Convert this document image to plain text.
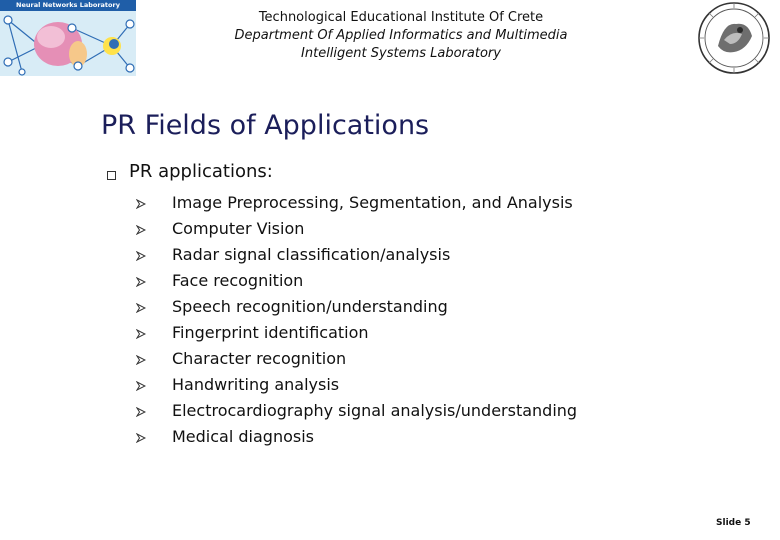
Neural Networks Laboratory
Technological Educational Institute Of Crete
Department Of Applied Informatics and Multimedia
Intelligent Systems Laboratory
PR Fields of Applications
PR applications:
Image Preprocessing, Segmentation, and Analysis
Computer Vision
Radar signal classification/analysis
Face recognition
Speech recognition/understanding
Fingerprint identification
Character recognition
Handwriting analysis
Electrocardiography signal analysis/understanding
Medical diagnosis
Slide 5
